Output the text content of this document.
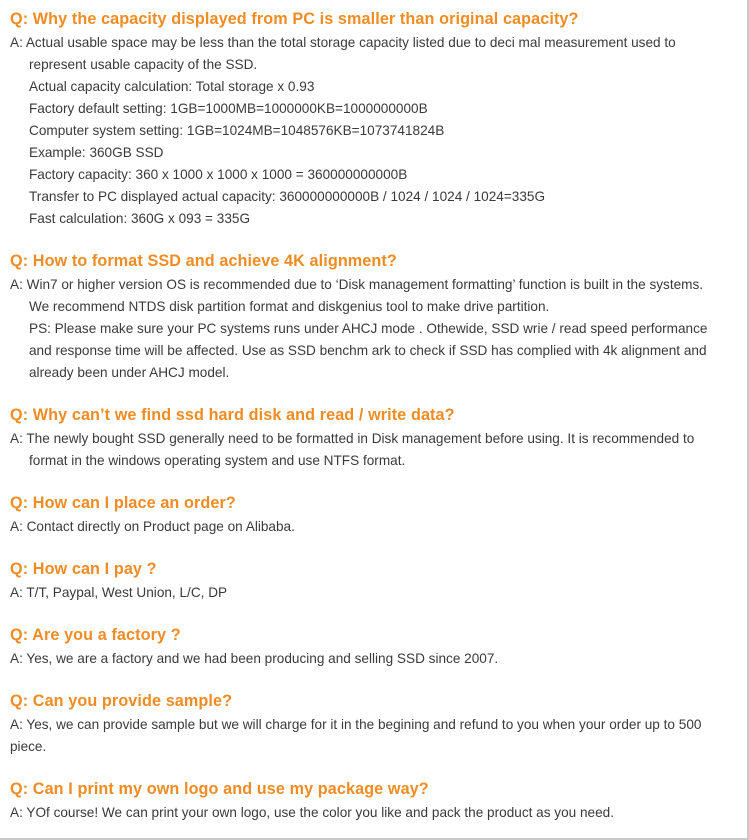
Q: Why the capacity displayed from PC is smaller than original capacity?
A: Actual usable space may be less than the total storage capacity listed due to deci mal measurement used to
represent usable capacity of the SSD.
Actual capacity calculation: Total storage x 0.93
Factory default setting: 1GB=1000MB=1000000KB=1000000000B
Computer system setting: 1GB=1024MB=1048576KB=1073741824B
Example: 360GB SSD
Factory capacity: 360 x 1000 x 1000 x 1000 = 360000000000B
Transfer to PC displayed actual capacity: 360000000000B / 1024 / 1024 / 1024=335G
Fast calculation: 360G x 093 = 335G
Q: How to format SSD and achieve 4K alignment?
A: Win7 or higher version OS is recommended due to ‘Disk management formatting’ function is built in the systems.
We recommend NTDS disk partition format and diskgenius tool to make drive partition.
PS: Please make sure your PC systems runs under AHCJ mode . Othewide, SSD wrie / read speed performance
and response time will be affected. Use as SSD benchm ark to check if SSD has complied with 4k alignment and
already been under AHCJ model.
Q: Why can’t we find ssd hard disk and read / write data?
A: The newly bought SSD generally need to be formatted in Disk management before using. It is recommended to
format in the windows operating system and use NTFS format.
Q: How can I place an order?
A: Contact directly on Product page on Alibaba.
Q: How can I pay ?
A: T/T, Paypal, West Union, L/C, DP
Q: Are you a factory ?
A: Yes, we are a factory and we had been producing and selling SSD since 2007.
Q: Can you provide sample?
A: Yes, we can provide sample but we will charge for it in the begining and refund to you when your order up to 500
piece.
Q: Can I print my own logo and use my package way?
A: YOf course! We can print your own logo, use the color you like and pack the product as you need.
